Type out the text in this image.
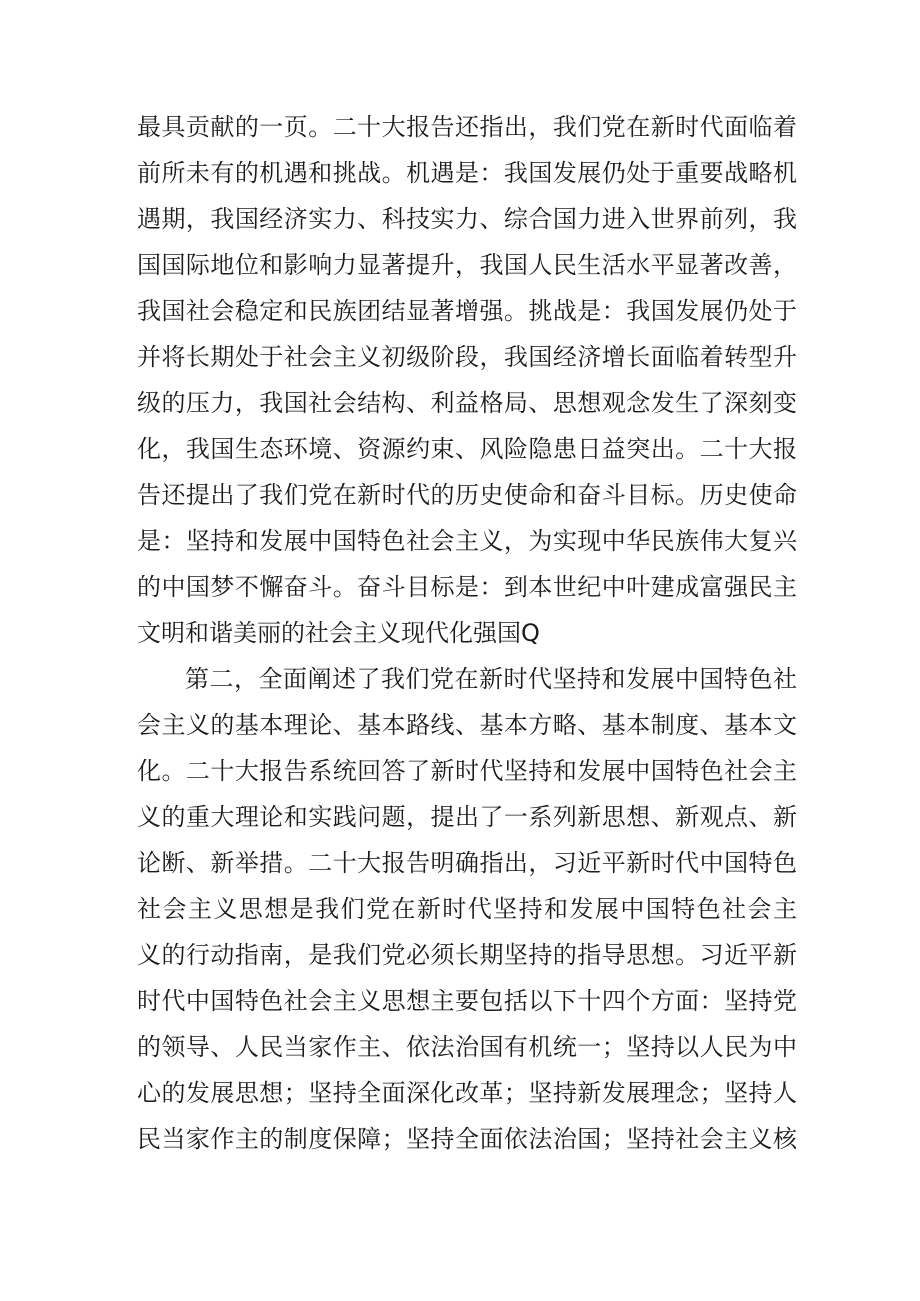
最具贡献的一页。二十大报告还指出，我们党在新时代面临着
前所未有的机遇和挑战。机遇是：我国发展仍处于重要战略机
遇期，我国经济实力、科技实力、综合国力进入世界前列，我
国国际地位和影响力显著提升，我国人民生活水平显著改善，
我国社会稳定和民族团结显著增强。挑战是：我国发展仍处于
并将长期处于社会主义初级阶段，我国经济增长面临着转型升
级的压力，我国社会结构、利益格局、思想观念发生了深刻变
化，我国生态环境、资源约束、风险隐患日益突出。二十大报
告还提出了我们党在新时代的历史使命和奋斗目标。历史使命
是：坚持和发展中国特色社会主义，为实现中华民族伟大复兴
的中国梦不懈奋斗。奋斗目标是：到本世纪中叶建成富强民主
文明和谐美丽的社会主义现代化强国Q
第二，全面阐述了我们党在新时代坚持和发展中国特色社
会主义的基本理论、基本路线、基本方略、基本制度、基本文
化。二十大报告系统回答了新时代坚持和发展中国特色社会主
义的重大理论和实践问题，提出了一系列新思想、新观点、新
论断、新举措。二十大报告明确指出，习近平新时代中国特色
社会主义思想是我们党在新时代坚持和发展中国特色社会主
义的行动指南，是我们党必须长期坚持的指导思想。习近平新
时代中国特色社会主义思想主要包括以下十四个方面：坚持党
的领导、人民当家作主、依法治国有机统一；坚持以人民为中
心的发展思想；坚持全面深化改革；坚持新发展理念；坚持人
民当家作主的制度保障；坚持全面依法治国；坚持社会主义核
